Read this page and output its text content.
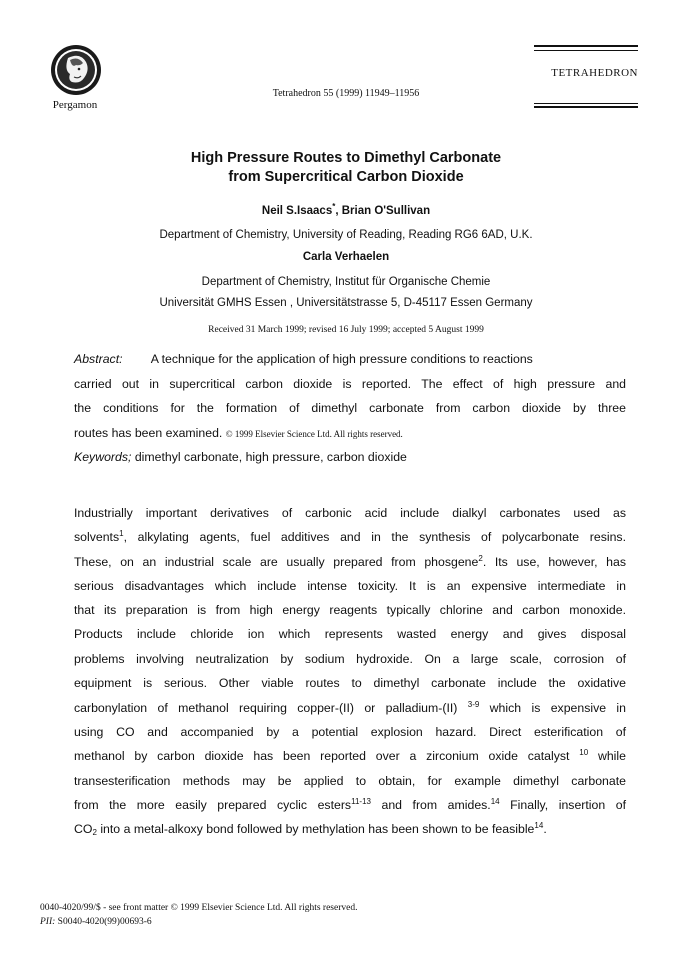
Pergamon
Tetrahedron 55 (1999) 11949–11956
TETRAHEDRON
High Pressure Routes to Dimethyl Carbonate
from Supercritical Carbon Dioxide
Neil S.Isaacs*, Brian O'Sullivan
Department of Chemistry, University of Reading, Reading RG6 6AD, U.K.
Carla Verhaelen
Department of Chemistry, Institut für Organische Chemie
Universität GMHS Essen , Universitätstrasse 5, D-45117 Essen Germany
Received 31 March 1999; revised 16 July 1999; accepted 5 August 1999
Abstract: A technique for the application of high pressure conditions to reactions
carried out in supercritical carbon dioxide is reported. The effect of high pressure and
the conditions for the formation of dimethyl carbonate from carbon dioxide by three
routes has been examined. © 1999 Elsevier Science Ltd. All rights reserved.
Keywords; dimethyl carbonate, high pressure, carbon dioxide
Industrially important derivatives of carbonic acid include dialkyl carbonates used as
solvents$^1$, alkylating agents, fuel additives and in the synthesis of polycarbonate resins.
These, on an industrial scale are usually prepared from phosgene$^2$. Its use, however, has
serious disadvantages which include intense toxicity. It is an expensive intermediate in
that its preparation is from high energy reagents typically chlorine and carbon monoxide.
Products include chloride ion which represents wasted energy and gives disposal
problems involving neutralization by sodium hydroxide. On a large scale, corrosion of
equipment is serious. Other viable routes to dimethyl carbonate include the oxidative
carbonylation of methanol requiring copper-(II) or palladium-(II) $^{3-9}$ which is expensive in
using CO and accompanied by a potential explosion hazard. Direct esterification of
methanol by carbon dioxide has been reported over a zirconium oxide catalyst $^{10}$ while
transesterification methods may be applied to obtain, for example dimethyl carbonate
from the more easily prepared cyclic esters$^{11-13}$ and from amides.$^{14}$ Finally, insertion of
$CO_2$ into a metal-alkoxy bond followed by methylation has been shown to be feasible$^{14}$.
0040-4020/99/$ - see front matter © 1999 Elsevier Science Ltd. All rights reserved.
PII: S0040-4020(99)00693-6
